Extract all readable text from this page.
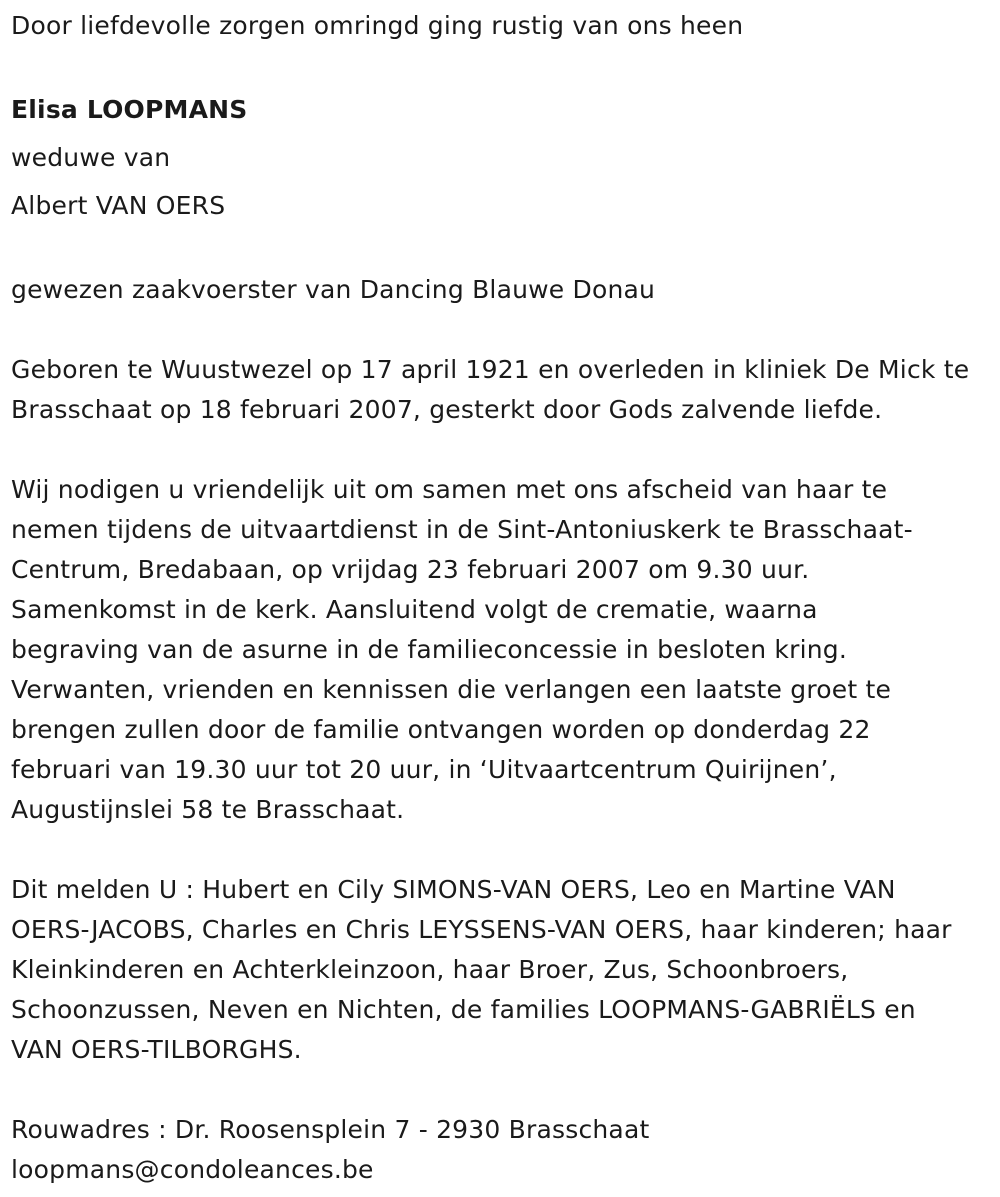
Door liefdevolle zorgen omringd ging rustig van ons heen
Elisa LOOPMANS
weduwe van
Albert VAN OERS
gewezen zaakvoerster van Dancing Blauwe Donau
Geboren te Wuustwezel op 17 april 1921 en overleden in kliniek De Mick te
Brasschaat op 18 februari 2007, gesterkt door Gods zalvende liefde.
Wij nodigen u vriendelijk uit om samen met ons afscheid van haar te
nemen tijdens de uitvaartdienst in de Sint-Antoniuskerk te Brasschaat-
Centrum, Bredabaan, op vrijdag 23 februari 2007 om 9.30 uur.
Samenkomst in de kerk. Aansluitend volgt de crematie, waarna
begraving van de asurne in de familieconcessie in besloten kring.
Verwanten, vrienden en kennissen die verlangen een laatste groet te
brengen zullen door de familie ontvangen worden op donderdag 22
februari van 19.30 uur tot 20 uur, in ‘Uitvaartcentrum Quirijnen’,
Augustijnslei 58 te Brasschaat.
Dit melden U : Hubert en Cily SIMONS-VAN OERS, Leo en Martine VAN
OERS-JACOBS, Charles en Chris LEYSSENS-VAN OERS, haar kinderen; haar
Kleinkinderen en Achterkleinzoon, haar Broer, Zus, Schoonbroers,
Schoonzussen, Neven en Nichten, de families LOOPMANS-GABRIËLS en
VAN OERS-TILBORGHS.
Rouwadres : Dr. Roosensplein 7 - 2930 Brasschaat
loopmans@condoleances.be
